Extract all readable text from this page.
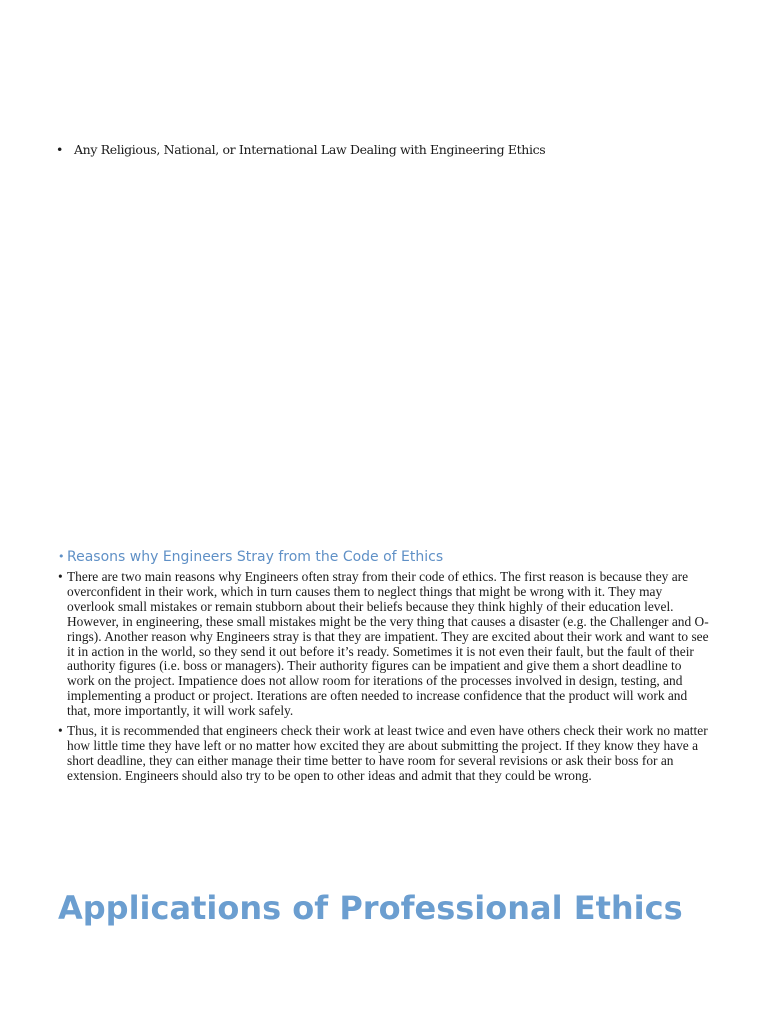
• Any Religious, National, or International Law Dealing with Engineering Ethics
• Reasons why Engineers Stray from the Code of Ethics
• There are two main reasons why Engineers often stray from their code of ethics. The first reason is because they are overconfident in their work, which in turn causes them to neglect things that might be wrong with it. They may overlook small mistakes or remain stubborn about their beliefs because they think highly of their education level. However, in engineering, these small mistakes might be the very thing that causes a disaster (e.g. the Challenger and O-rings). Another reason why Engineers stray is that they are impatient. They are excited about their work and want to see it in action in the world, so they send it out before it’s ready. Sometimes it is not even their fault, but the fault of their authority figures (i.e. boss or managers). Their authority figures can be impatient and give them a short deadline to work on the project. Impatience does not allow room for iterations of the processes involved in design, testing, and implementing a product or project. Iterations are often needed to increase confidence that the product will work and that, more importantly, it will work safely.
• Thus, it is recommended that engineers check their work at least twice and even have others check their work no matter how little time they have left or no matter how excited they are about submitting the project. If they know they have a short deadline, they can either manage their time better to have room for several revisions or ask their boss for an extension. Engineers should also try to be open to other ideas and admit that they could be wrong.
Applications of Professional Ethics
